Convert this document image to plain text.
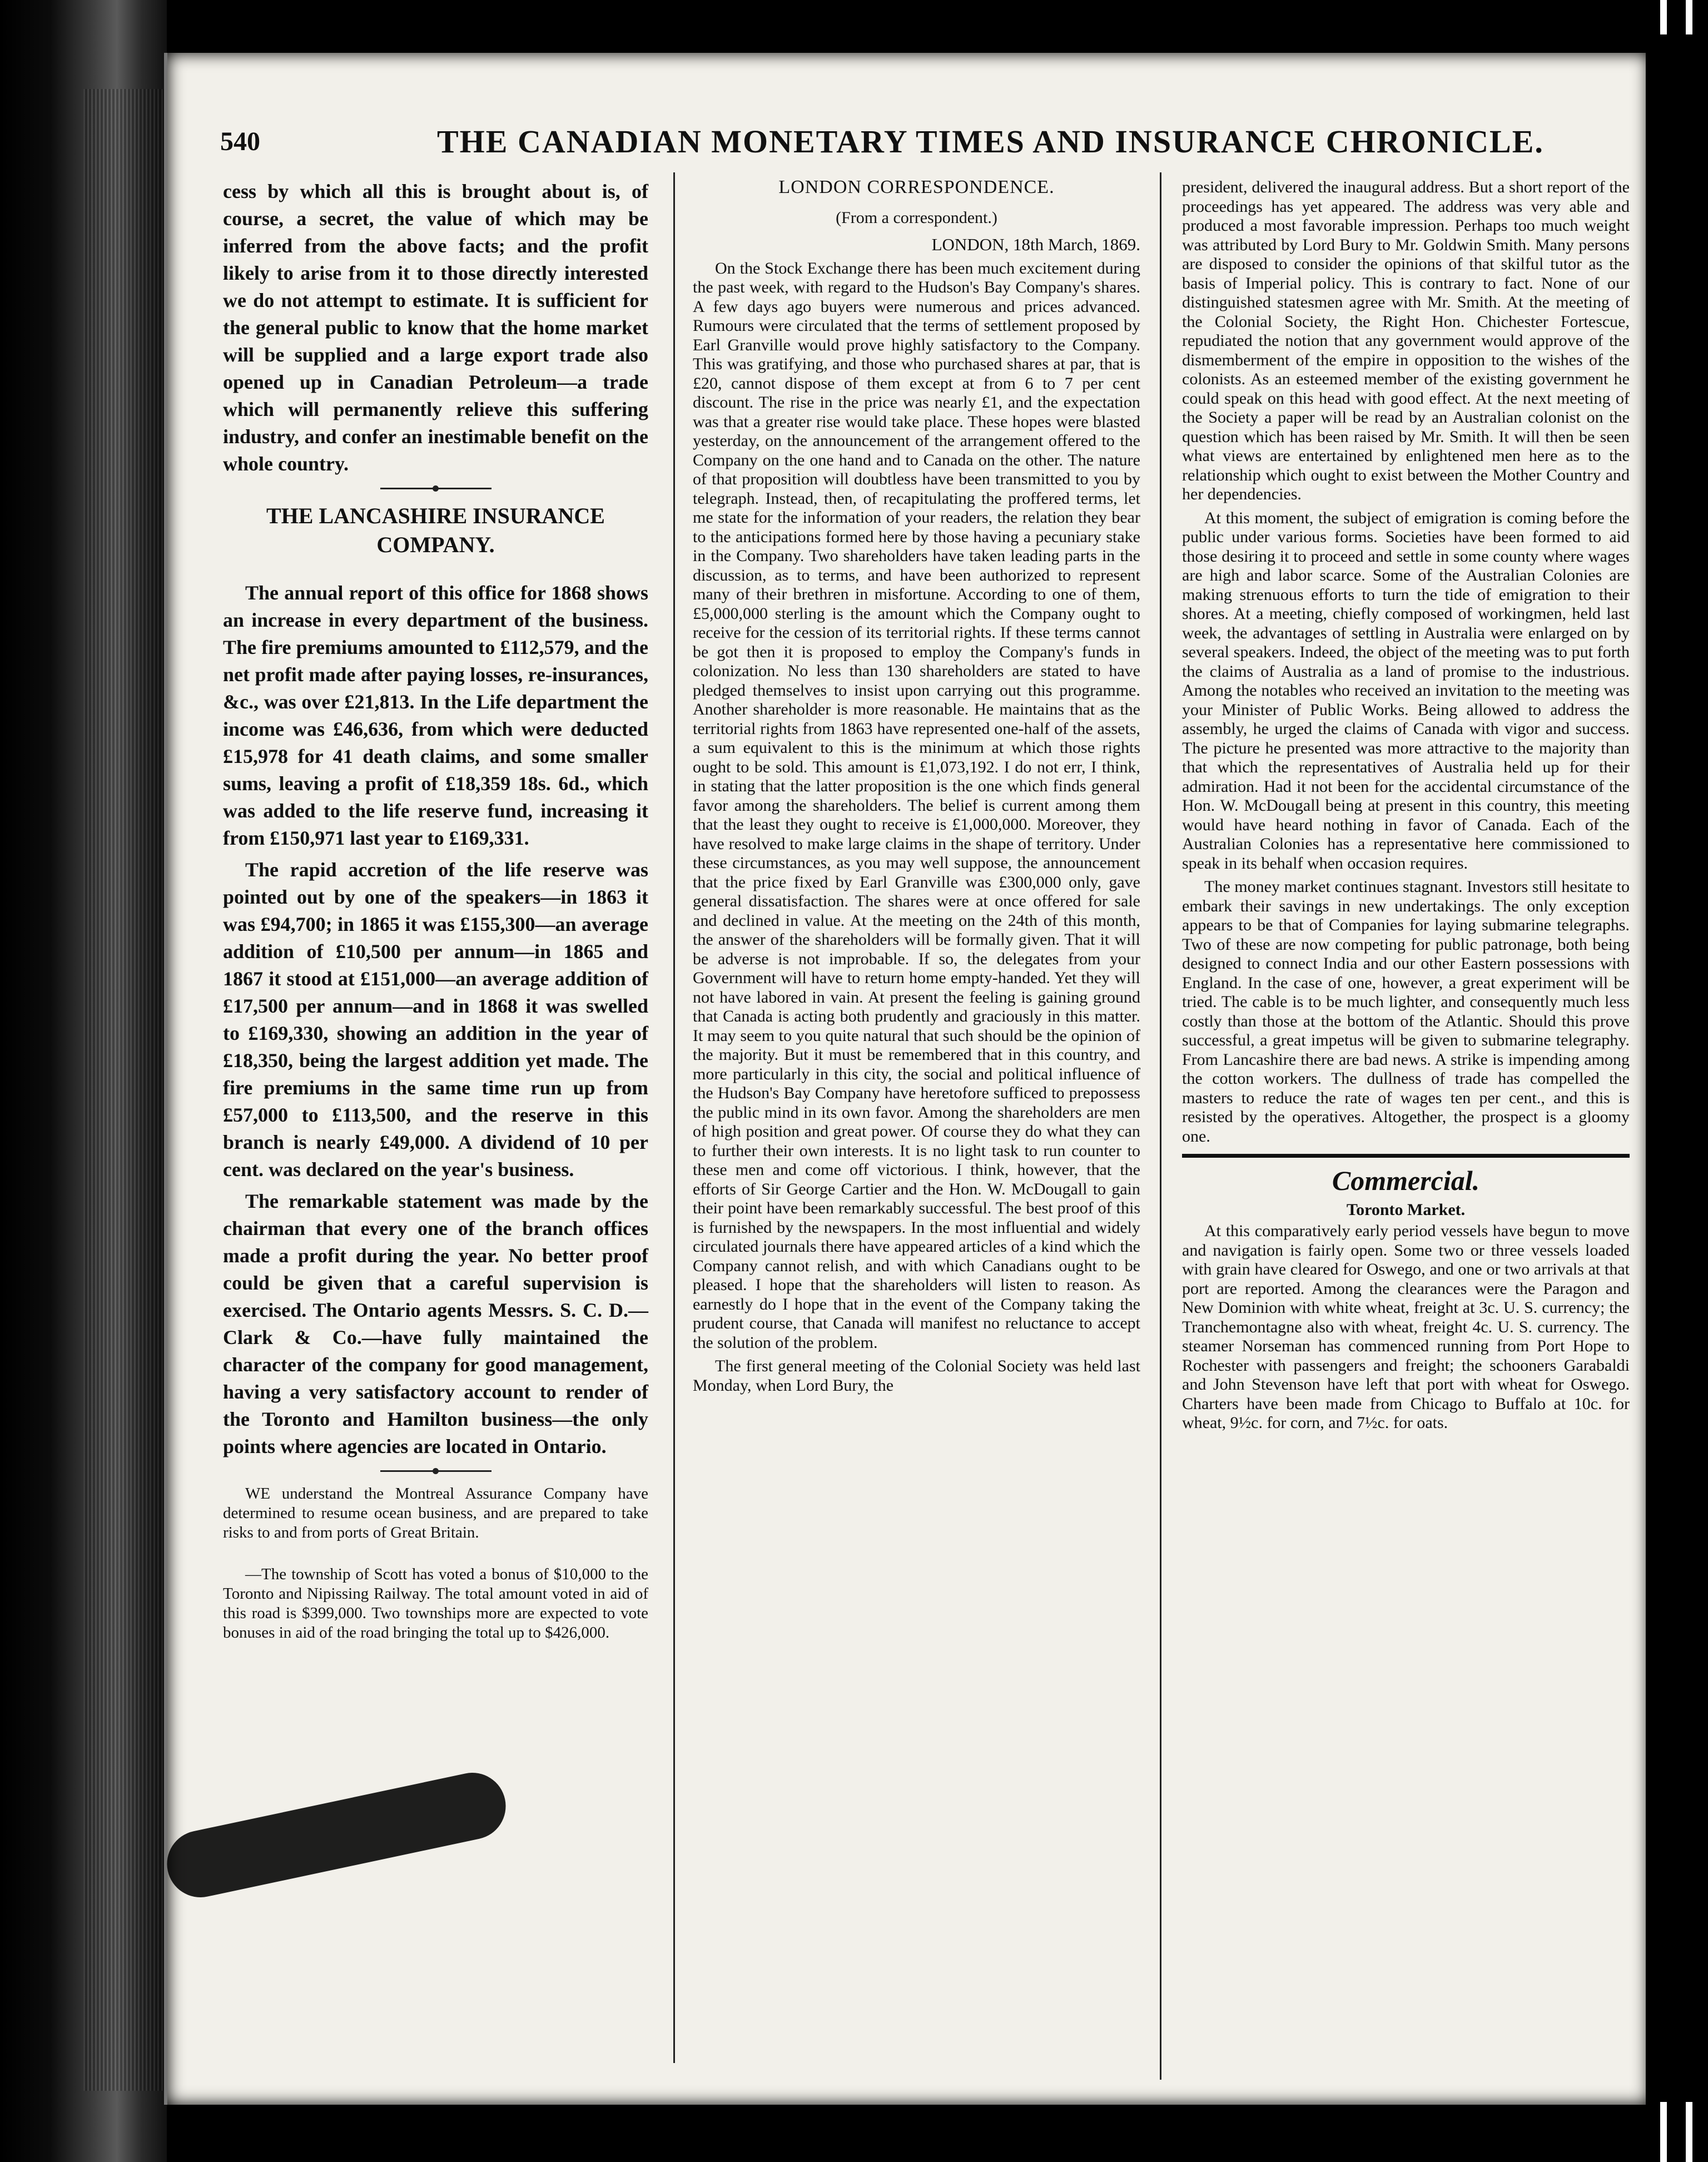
540	THE CANADIAN MONETARY TIMES AND INSURANCE CHRONICLE.

cess by which all this is brought about is, of course, a secret, the value of which may be inferred from the above facts; and the profit likely to arise from it to those directly interested we do not attempt to estimate. It is sufficient for the general public to know that the home market will be supplied and a large export trade also opened up in Canadian Petroleum—a trade which will permanently relieve this suffering industry, and confer an inestimable benefit on the whole country.

THE LANCASHIRE INSURANCE COMPANY.

The annual report of this office for 1868 shows an increase in every department of the business. The fire premiums amounted to £112,579, and the net profit made after paying losses, re-insurances, &c., was over £21,813. In the Life department the income was £46,636, from which were deducted £15,978 for 41 death claims, and some smaller sums, leaving a profit of £18,359 18s. 6d., which was added to the life reserve fund, increasing it from £150,971 last year to £169,331.

The rapid accretion of the life reserve was pointed out by one of the speakers—in 1863 it was £94,700; in 1865 it was £155,300—an average addition of £10,500 per annum—in 1865 and 1867 it stood at £151,000—an average addition of £17,500 per annum—and in 1868 it was swelled to £169,330, showing an addition in the year of £18,350, being the largest addition yet made. The fire premiums in the same time run up from £57,000 to £113,500, and the reserve in this branch is nearly £49,000. A dividend of 10 per cent. was declared on the year's business.

The remarkable statement was made by the chairman that every one of the branch offices made a profit during the year. No better proof could be given that a careful supervision is exercised. The Ontario agents Messrs. S. C. D.—Clark & Co.—have fully maintained the character of the company for good management, having a very satisfactory account to render of the Toronto and Hamilton business—the only points where agencies are located in Ontario.

WE understand the Montreal Assurance Company have determined to resume ocean business, and are prepared to take risks to and from ports of Great Britain.

—The township of Scott has voted a bonus of $10,000 to the Toronto and Nipissing Railway. The total amount voted in aid of this road is $399,000. Two townships more are expected to vote bonuses in aid of the road bringing the total up to $426,000.

LONDON CORRESPONDENCE.
(From a correspondent.)
LONDON, 18th March, 1869.

On the Stock Exchange there has been much excitement during the past week, with regard to the Hudson's Bay Company's shares. A few days ago buyers were numerous and prices advanced. Rumours were circulated that the terms of settlement proposed by Earl Granville would prove highly satisfactory to the Company. This was gratifying, and those who purchased shares at par, that is £20, cannot dispose of them except at from 6 to 7 per cent discount. The rise in the price was nearly £1, and the expectation was that a greater rise would take place. These hopes were blasted yesterday, on the announcement of the arrangement offered to the Company on the one hand and to Canada on the other. The nature of that proposition will doubtless have been transmitted to you by telegraph. Instead, then, of recapitulating the proffered terms, let me state for the information of your readers, the relation they bear to the anticipations formed here by those having a pecuniary stake in the Company. Two shareholders have taken leading parts in the discussion, as to terms, and have been authorized to represent many of their brethren in misfortune. According to one of them, £5,000,000 sterling is the amount which the Company ought to receive for the cession of its territorial rights. If these terms cannot be got then it is proposed to employ the Company's funds in colonization. No less than 130 shareholders are stated to have pledged themselves to insist upon carrying out this programme. Another shareholder is more reasonable. He maintains that as the territorial rights from 1863 have represented one-half of the assets, a sum equivalent to this is the minimum at which those rights ought to be sold. This amount is £1,073,192. I do not err, I think, in stating that the latter proposition is the one which finds general favor among the shareholders. The belief is current among them that the least they ought to receive is £1,000,000. Moreover, they have resolved to make large claims in the shape of territory. Under these circumstances, as you may well suppose, the announcement that the price fixed by Earl Granville was £300,000 only, gave general dissatisfaction. The shares were at once offered for sale and declined in value. At the meeting on the 24th of this month, the answer of the shareholders will be formally given. That it will be adverse is not improbable. If so, the delegates from your Government will have to return home empty-handed. Yet they will not have labored in vain. At present the feeling is gaining ground that Canada is acting both prudently and graciously in this matter. It may seem to you quite natural that such should be the opinion of the majority. But it must be remembered that in this country, and more particularly in this city, the social and political influence of the Hudson's Bay Company have heretofore sufficed to prepossess the public mind in its own favor. Among the shareholders are men of high position and great power. Of course they do what they can to further their own interests. It is no light task to run counter to these men and come off victorious. I think, however, that the efforts of Sir George Cartier and the Hon. W. McDougall to gain their point have been remarkably successful. The best proof of this is furnished by the newspapers. In the most influential and widely circulated journals there have appeared articles of a kind which the Company cannot relish, and with which Canadians ought to be pleased. I hope that the shareholders will listen to reason. As earnestly do I hope that in the event of the Company taking the prudent course, that Canada will manifest no reluctance to accept the solution of the problem.

The first general meeting of the Colonial Society was held last Monday, when Lord Bury, the

president, delivered the inaugural address. But a short report of the proceedings has yet appeared. The address was very able and produced a most favorable impression. Perhaps too much weight was attributed by Lord Bury to Mr. Goldwin Smith. Many persons are disposed to consider the opinions of that skilful tutor as the basis of Imperial policy. This is contrary to fact. None of our distinguished statesmen agree with Mr. Smith. At the meeting of the Colonial Society, the Right Hon. Chichester Fortescue, repudiated the notion that any government would approve of the dismemberment of the empire in opposition to the wishes of the colonists. As an esteemed member of the existing government he could speak on this head with good effect. At the next meeting of the Society a paper will be read by an Australian colonist on the question which has been raised by Mr. Smith. It will then be seen what views are entertained by enlightened men here as to the relationship which ought to exist between the Mother Country and her dependencies.

At this moment, the subject of emigration is coming before the public under various forms. Societies have been formed to aid those desiring it to proceed and settle in some county where wages are high and labor scarce. Some of the Australian Colonies are making strenuous efforts to turn the tide of emigration to their shores. At a meeting, chiefly composed of workingmen, held last week, the advantages of settling in Australia were enlarged on by several speakers. Indeed, the object of the meeting was to put forth the claims of Australia as a land of promise to the industrious. Among the notables who received an invitation to the meeting was your Minister of Public Works. Being allowed to address the assembly, he urged the claims of Canada with vigor and success. The picture he presented was more attractive to the majority than that which the representatives of Australia held up for their admiration. Had it not been for the accidental circumstance of the Hon. W. McDougall being at present in this country, this meeting would have heard nothing in favor of Canada. Each of the Australian Colonies has a representative here commissioned to speak in its behalf when occasion requires.

The money market continues stagnant. Investors still hesitate to embark their savings in new undertakings. The only exception appears to be that of Companies for laying submarine telegraphs. Two of these are now competing for public patronage, both being designed to connect India and our other Eastern possessions with England. In the case of one, however, a great experiment will be tried. The cable is to be much lighter, and consequently much less costly than those at the bottom of the Atlantic. Should this prove successful, a great impetus will be given to submarine telegraphy. From Lancashire there are bad news. A strike is impending among the cotton workers. The dullness of trade has compelled the masters to reduce the rate of wages ten per cent., and this is resisted by the operatives. Altogether, the prospect is a gloomy one.

Commercial.
Toronto Market.

At this comparatively early period vessels have begun to move and navigation is fairly open. Some two or three vessels loaded with grain have cleared for Oswego, and one or two arrivals at that port are reported. Among the clearances were the Paragon and New Dominion with white wheat, freight at 3c. U. S. currency; the Tranchemontagne also with wheat, freight 4c. U. S. currency. The steamer Norseman has commenced running from Port Hope to Rochester with passengers and freight; the schooners Garabaldi and John Stevenson have left that port with wheat for Oswego. Charters have been made from Chicago to Buffalo at 10c. for wheat, 9½c. for corn, and 7½c. for oats.
